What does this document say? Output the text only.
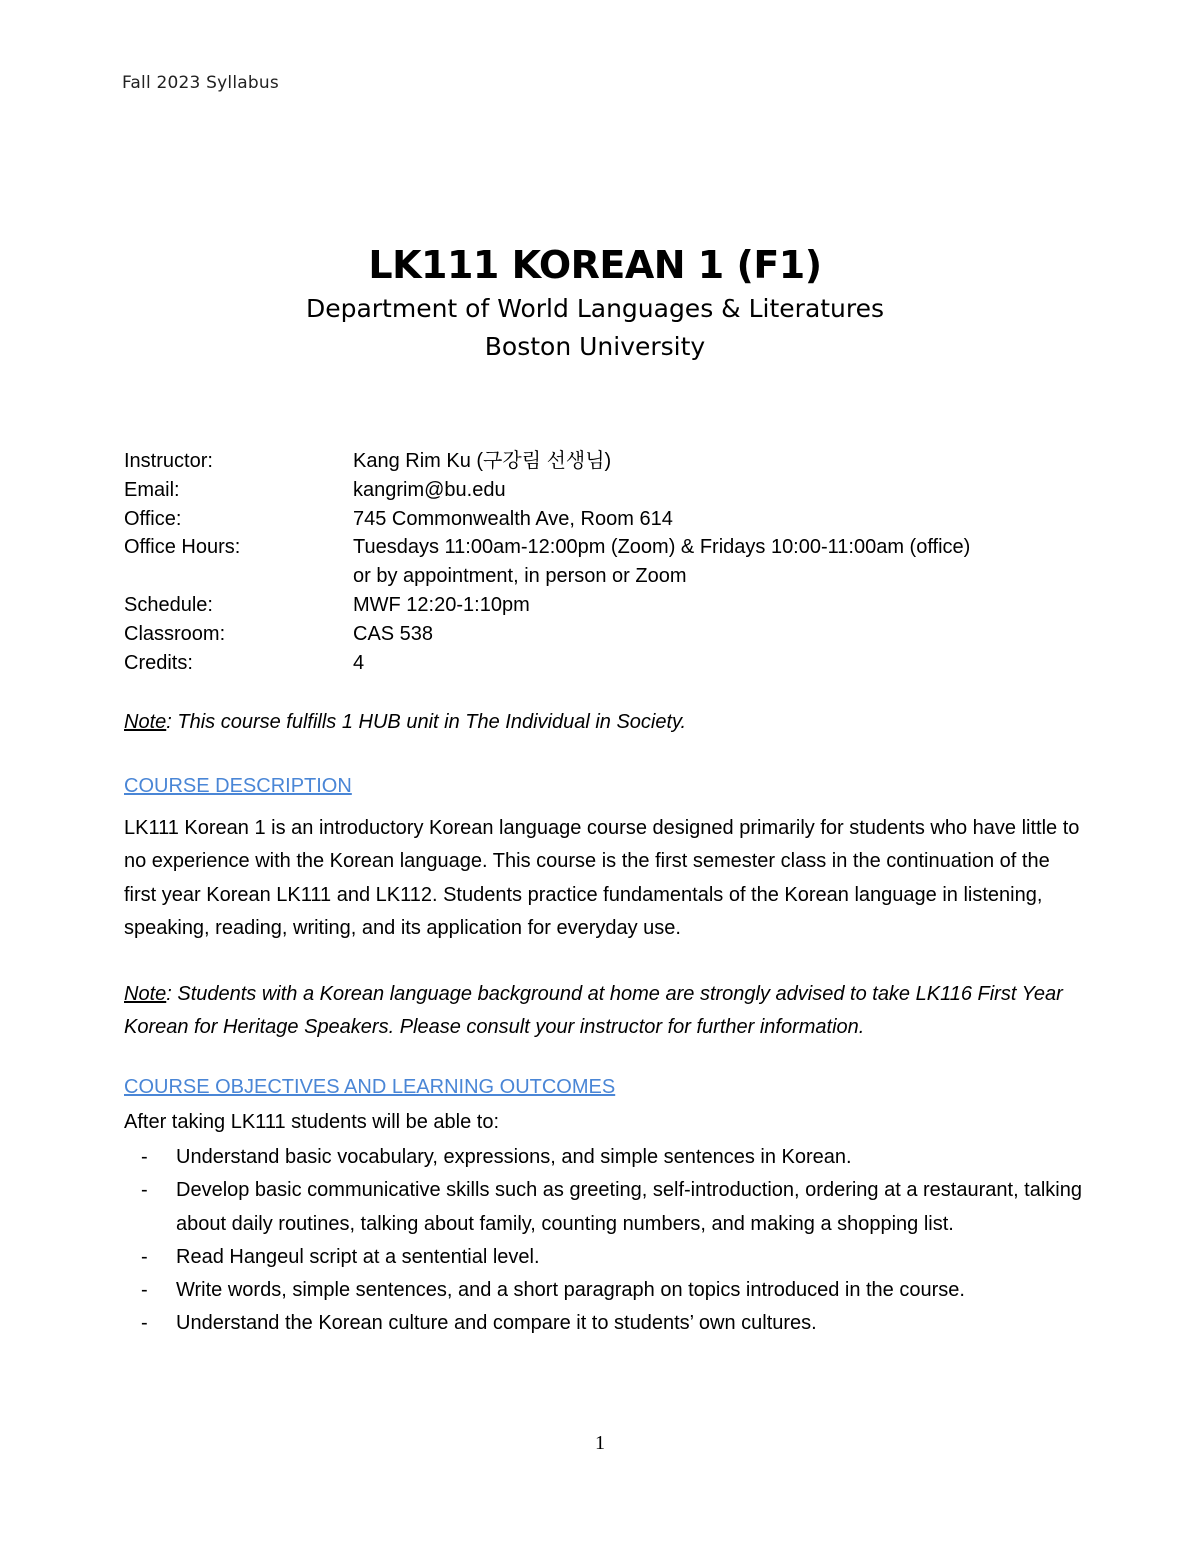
Fall 2023 Syllabus
LK111 KOREAN 1 (F1)

Department of World Languages & Literatures

Boston University

Instructor:	Kang Rim Ku (구강림 선생님)
Email:	kangrim@bu.edu
Office:	745 Commonwealth Ave, Room 614
Office Hours:	Tuesdays 11:00am-12:00pm (Zoom) & Fridays 10:00-11:00am (office)
or by appointment, in person or Zoom
Schedule:	MWF 12:20-1:10pm
Classroom:	CAS 538
Credits:	4
Note: This course fulfills 1 HUB unit in The Individual in Society.
COURSE DESCRIPTION

LK111 Korean 1 is an introductory Korean language course designed primarily for students who have little to no experience with the Korean language. This course is the first semester class in the continuation of the first year Korean LK111 and LK112. Students practice fundamentals of the Korean language in listening, speaking, reading, writing, and its application for everyday use.

Note: Students with a Korean language background at home are strongly advised to take LK116 First Year Korean for Heritage Speakers. Please consult your instructor for further information.

COURSE OBJECTIVES AND LEARNING OUTCOMES
After taking LK111 students will be able to:
- Understand basic vocabulary, expressions, and simple sentences in Korean.
- Develop basic communicative skills such as greeting, self-introduction, ordering at a restaurant, talking about daily routines, talking about family, counting numbers, and making a shopping list.
- Read Hangeul script at a sentential level.
- Write words, simple sentences, and a short paragraph on topics introduced in the course.
- Understand the Korean culture and compare it to students’ own cultures.
1
